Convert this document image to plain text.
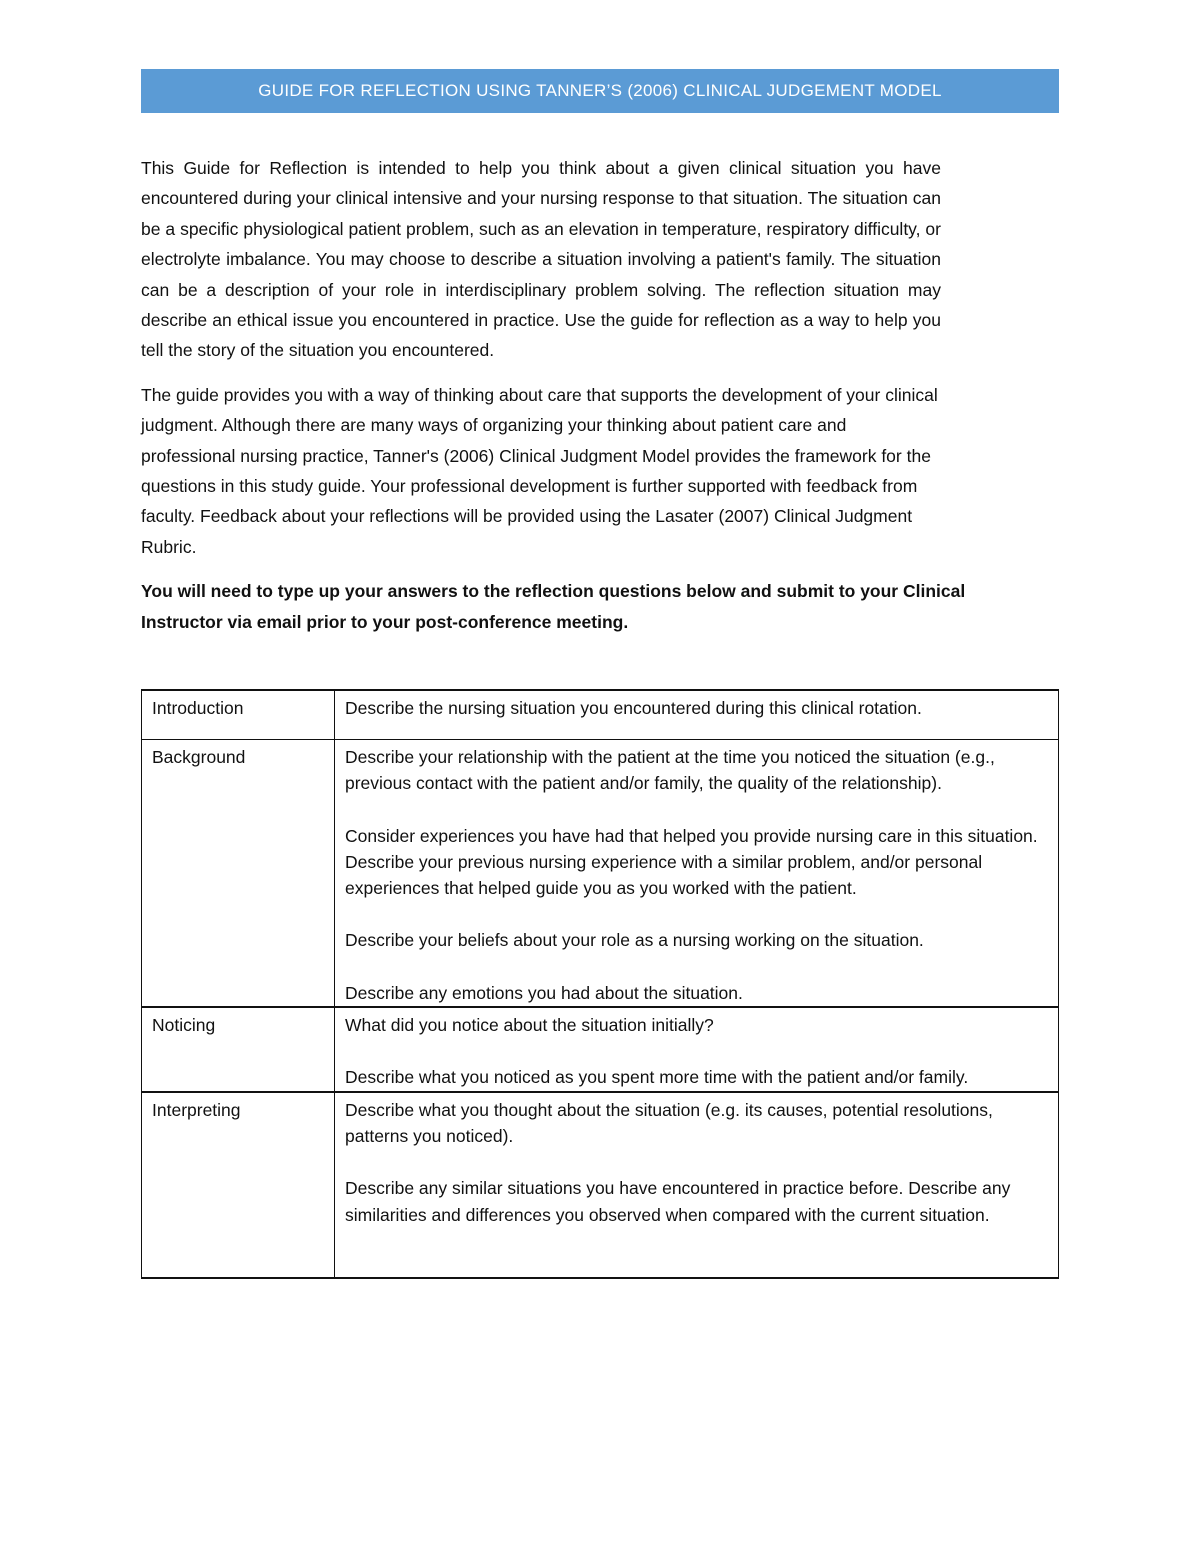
GUIDE FOR REFLECTION USING TANNER’S (2006) CLINICAL JUDGEMENT MODEL

This Guide for Reflection is intended to help you think about a given clinical situation you have encountered during your clinical intensive and your nursing response to that situation. The situation can be a specific physiological patient problem, such as an elevation in temperature, respiratory difficulty, or electrolyte imbalance. You may choose to describe a situation involving a patient's family. The situation can be a description of your role in interdisciplinary problem solving. The reflection situation may describe an ethical issue you encountered in practice. Use the guide for reflection as a way to help you tell the story of the situation you encountered.

The guide provides you with a way of thinking about care that supports the development of your clinical judgment. Although there are many ways of organizing your thinking about patient care and professional nursing practice, Tanner's (2006) Clinical Judgment Model provides the framework for the questions in this study guide. Your professional development is further supported with feedback from faculty. Feedback about your reflections will be provided using the Lasater (2007) Clinical Judgment Rubric.

You will need to type up your answers to the reflection questions below and submit to your Clinical Instructor via email prior to your post-conference meeting.

Introduction	Describe the nursing situation you encountered during this clinical rotation.

Background	Describe your relationship with the patient at the time you noticed the situation (e.g., previous contact with the patient and/or family, the quality of the relationship).

Consider experiences you have had that helped you provide nursing care in this situation. Describe your previous nursing experience with a similar problem, and/or personal experiences that helped guide you as you worked with the patient.

Describe your beliefs about your role as a nursing working on the situation.

Describe any emotions you had about the situation.

Noticing	What did you notice about the situation initially?

Describe what you noticed as you spent more time with the patient and/or family.

Interpreting	Describe what you thought about the situation (e.g. its causes, potential resolutions, patterns you noticed).

Describe any similar situations you have encountered in practice before. Describe any similarities and differences you observed when compared with the current situation.
